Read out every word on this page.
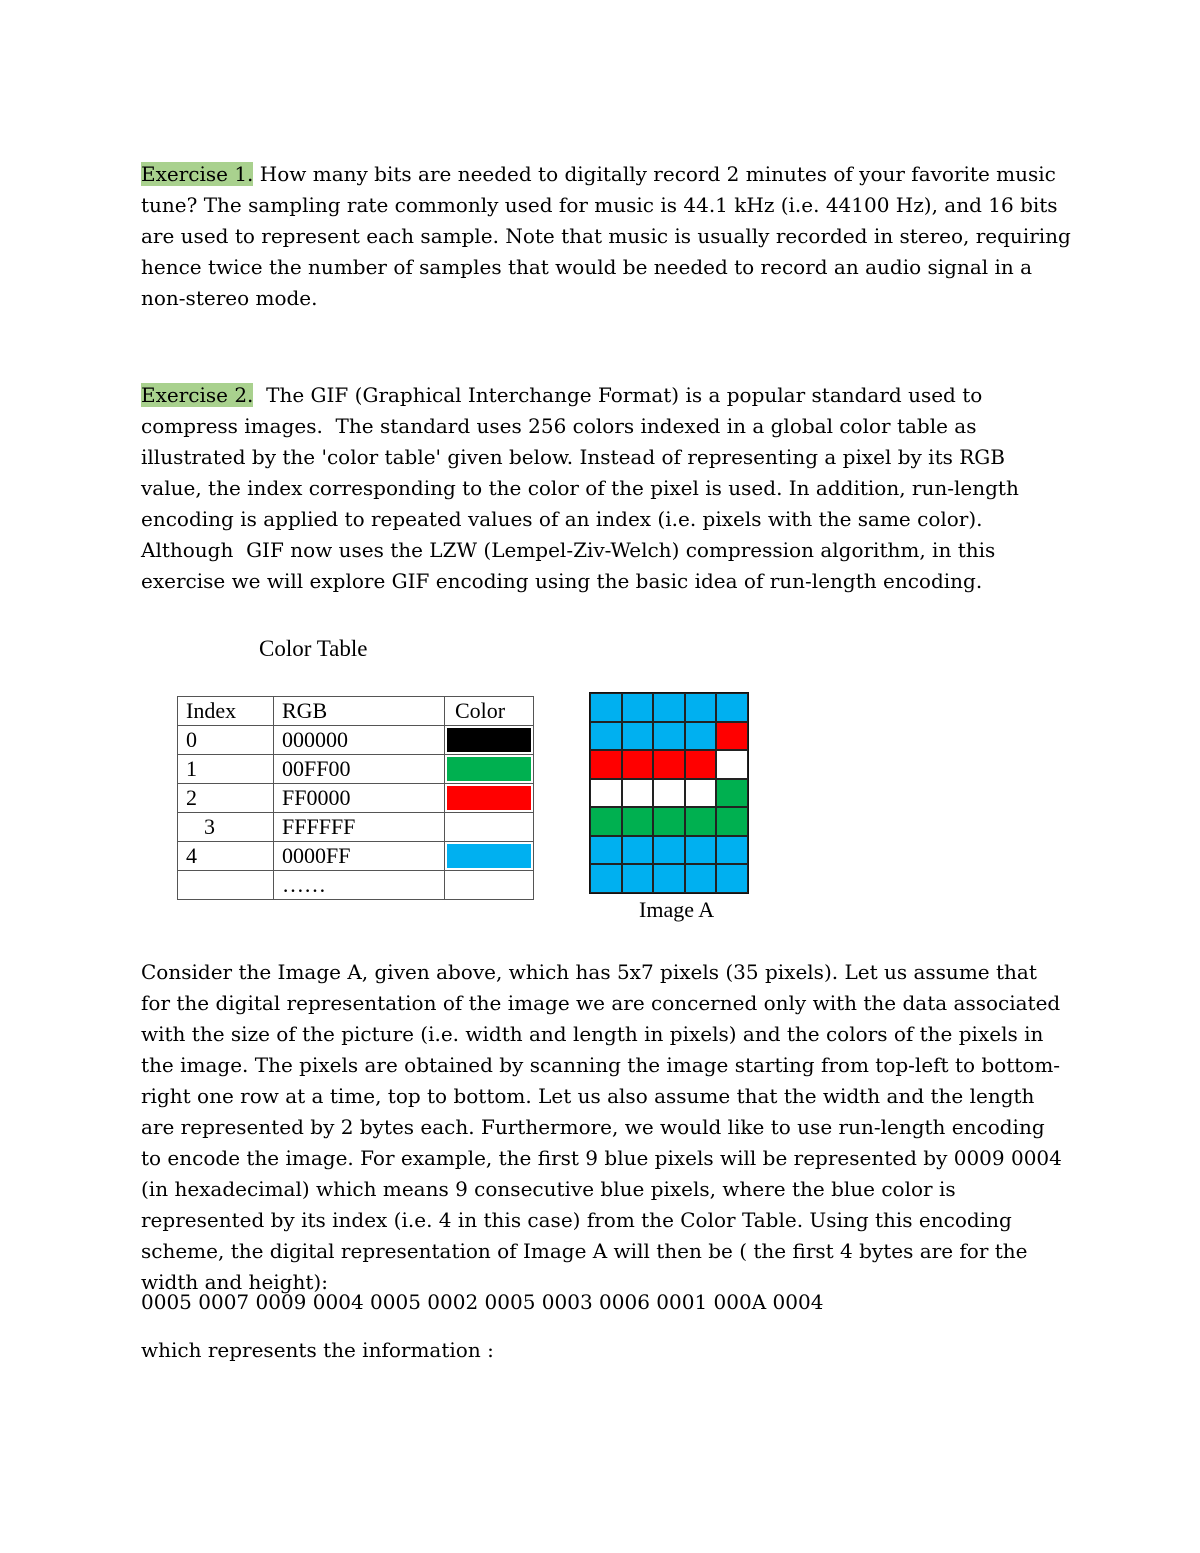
Exercise 1. How many bits are needed to digitally record 2 minutes of your favorite music tune? The sampling rate commonly used for music is 44.1 kHz (i.e. 44100 Hz), and 16 bits are used to represent each sample. Note that music is usually recorded in stereo, requiring hence twice the number of samples that would be needed to record an audio signal in a non-stereo mode.

Exercise 2.  The GIF (Graphical Interchange Format) is a popular standard used to compress images.  The standard uses 256 colors indexed in a global color table as illustrated by the 'color table' given below. Instead of representing a pixel by its RGB value, the index corresponding to the color of the pixel is used. In addition, run-length encoding is applied to repeated values of an index (i.e. pixels with the same color). Although  GIF now uses the LZW (Lempel-Ziv-Welch) compression algorithm, in this exercise we will explore GIF encoding using the basic idea of run-length encoding.

Color Table
Index	RGB	Color
0	000000	

1	00FF00	

2	FF0000	

3	FFFFFF	

4	0000FF	

	……	
Image A

Consider the Image A, given above, which has 5x7 pixels (35 pixels). Let us assume that for the digital representation of the image we are concerned only with the data associated with the size of the picture (i.e. width and length in pixels) and the colors of the pixels in the image. The pixels are obtained by scanning the image starting from top-left to bottom-right one row at a time, top to bottom. Let us also assume that the width and the length are represented by 2 bytes each. Furthermore, we would like to use run-length encoding to encode the image. For example, the first 9 blue pixels will be represented by 0009 0004 (in hexadecimal) which means 9 consecutive blue pixels, where the blue color is represented by its index (i.e. 4 in this case) from the Color Table. Using this encoding scheme, the digital representation of Image A will then be ( the first 4 bytes are for the width and height):

0005 0007 0009 0004 0005 0002 0005 0003 0006 0001 000A 0004

which represents the information :
